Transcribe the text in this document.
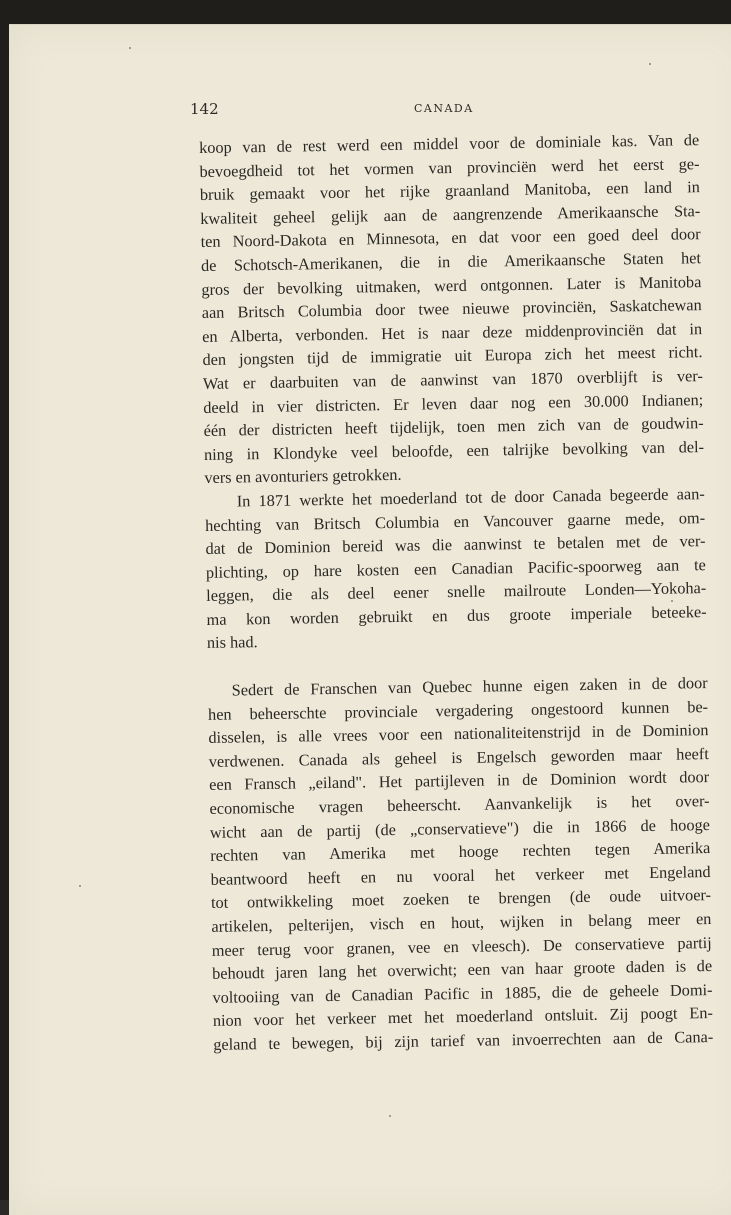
142	CANADA
koop van de rest werd een middel voor de dominiale kas. Van de
bevoegdheid tot het vormen van provinciën werd het eerst ge-
bruik gemaakt voor het rijke graanland Manitoba, een land in
kwaliteit geheel gelijk aan de aangrenzende Amerikaansche Sta-
ten Noord-Dakota en Minnesota, en dat voor een goed deel door
de Schotsch-Amerikanen, die in die Amerikaansche Staten het
gros der bevolking uitmaken, werd ontgonnen. Later is Manitoba
aan Britsch Columbia door twee nieuwe provinciën, Saskatchewan
en Alberta, verbonden. Het is naar deze middenprovinciën dat in
den jongsten tijd de immigratie uit Europa zich het meest richt.
Wat er daarbuiten van de aanwinst van 1870 overblijft is ver-
deeld in vier districten. Er leven daar nog een 30.000 Indianen;
één der districten heeft tijdelijk, toen men zich van de goudwin-
ning in Klondyke veel beloofde, een talrijke bevolking van del-
vers en avonturiers getrokken.
In 1871 werkte het moederland tot de door Canada begeerde aan-
hechting van Britsch Columbia en Vancouver gaarne mede, om-
dat de Dominion bereid was die aanwinst te betalen met de ver-
plichting, op hare kosten een Canadian Pacific-spoorweg aan te
leggen, die als deel eener snelle mailroute Londen—Yokoha-
ma kon worden gebruikt en dus groote imperiale beteeke-
nis had.
Sedert de Franschen van Quebec hunne eigen zaken in de door
hen beheerschte provinciale vergadering ongestoord kunnen be-
disselen, is alle vrees voor een nationaliteitenstrijd in de Dominion
verdwenen. Canada als geheel is Engelsch geworden maar heeft
een Fransch „eiland". Het partijleven in de Dominion wordt door
economische vragen beheerscht. Aanvankelijk is het over-
wicht aan de partij (de „conservatieve") die in 1866 de hooge
rechten van Amerika met hooge rechten tegen Amerika
beantwoord heeft en nu vooral het verkeer met Engeland
tot ontwikkeling moet zoeken te brengen (de oude uitvoer-
artikelen, pelterijen, visch en hout, wijken in belang meer en
meer terug voor granen, vee en vleesch). De conservatieve partij
behoudt jaren lang het overwicht; een van haar groote daden is de
voltooiing van de Canadian Pacific in 1885, die de geheele Domi-
nion voor het verkeer met het moederland ontsluit. Zij poogt En-
geland te bewegen, bij zijn tarief van invoerrechten aan de Cana-
